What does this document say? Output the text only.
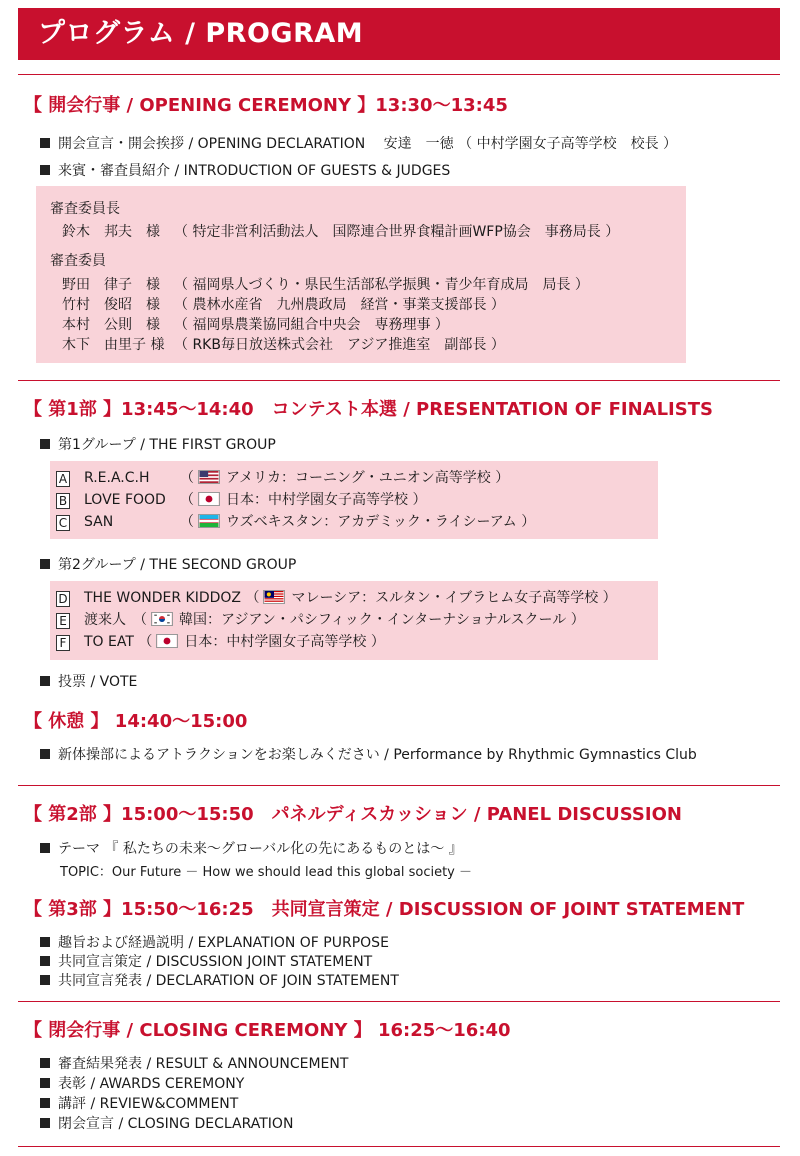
プログラム / PROGRAM
【 開会行事 / OPENING CEREMONY 】13:30～13:45
開会宣言・開会挨拶 / OPENING DECLARATION　 安達　一徳 （ 中村学園女子高等学校　校長 ）
来賓・審査員紹介 / INTRODUCTION OF GUESTS & JUDGES
審査委員長
鈴木　邦夫　様 （ 特定非営利活動法人　国際連合世界食糧計画WFP協会　事務局長 ）
審査委員
野田　律子　様 （ 福岡県人づくり・県民生活部私学振興・青少年育成局　局長 ）
竹村　俊昭　様 （ 農林水産省　九州農政局　経営・事業支援部長 ）
本村　公則　様 （ 福岡県農業協同組合中央会　専務理事 ）
木下　由里子 様 （ RKB毎日放送株式会社　アジア推進室　副部長 ）
【 第1部 】13:45～14:40　コンテスト本選 / PRESENTATION OF FINALISTS
第1グループ / THE FIRST GROUP
A R.E.A.C.H （ アメリカ：コーニング・ユニオン高等学校 ）
B LOVE FOOD （ 日本：中村学園女子高等学校 ）
C SAN	（ ウズベキスタン：アカデミック・ライシーアム ）
第2グループ / THE SECOND GROUP
D THE WONDER KIDDOZ （ マレーシア：スルタン・イブラヒム女子高等学校 ）
E 渡来人　 （ 韓国：アジアン・パシフィック・インターナショナルスクール ）
F TO EAT （ 日本：中村学園女子高等学校 ）
投票 / VOTE
【 休憩 】 14:40～15:00
新体操部によるアトラクションをお楽しみください / Performance by Rhythmic Gymnastics Club
【 第2部 】15:00～15:50　パネルディスカッション / PANEL DISCUSSION
テーマ 『 私たちの未来～グローバル化の先にあるものとは～ 』
TOPIC：Our Future － How we should lead this global society －
【 第3部 】15:50～16:25　共同宣言策定 / DISCUSSION OF JOINT STATEMENT
趣旨および経過説明 / EXPLANATION OF PURPOSE
共同宣言策定 / DISCUSSION JOINT STATEMENT
共同宣言発表 / DECLARATION OF JOIN STATEMENT
【 閉会行事 / CLOSING CEREMONY 】 16:25～16:40
審査結果発表 / RESULT & ANNOUNCEMENT
表彰 / AWARDS CEREMONY
講評 / REVIEW&COMMENT
閉会宣言 / CLOSING DECLARATION
